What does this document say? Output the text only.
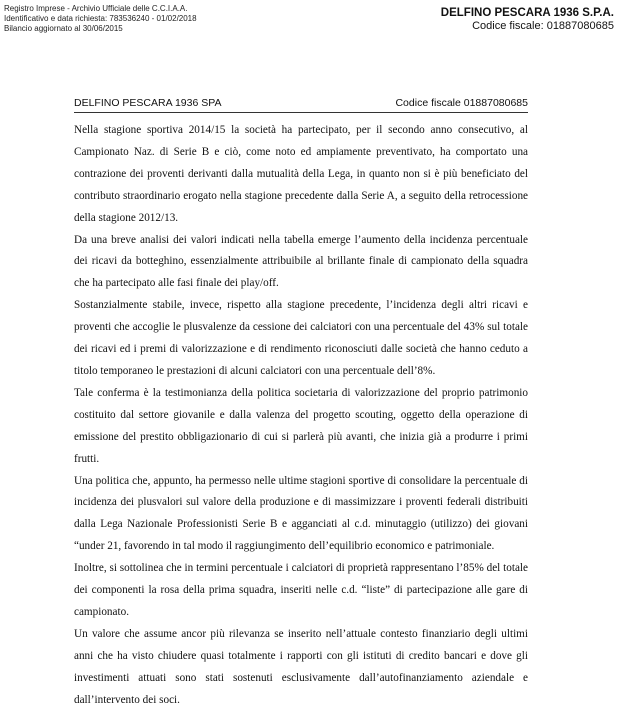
Registro Imprese - Archivio Ufficiale delle C.C.I.A.A.
Identificativo e data richiesta: 783536240 - 01/02/2018
Bilancio aggiornato al 30/06/2015
DELFINO PESCARA 1936 S.P.A.
Codice fiscale: 01887080685
DELFINO PESCARA 1936 SPA	Codice fiscale 01887080685

Nella stagione sportiva 2014/15 la società ha partecipato, per il secondo anno consecutivo, al Campionato Naz. di Serie B e ciò, come noto ed ampiamente preventivato, ha comportato una contrazione dei proventi derivanti dalla mutualità della Lega, in quanto non si è più beneficiato del contributo straordinario erogato nella stagione precedente dalla Serie A, a seguito della retrocessione della stagione 2012/13.

Da una breve analisi dei valori indicati nella tabella emerge l’aumento della incidenza percentuale dei ricavi da botteghino, essenzialmente attribuibile al brillante finale di campionato della squadra che ha partecipato alle fasi finale dei play/off.

Sostanzialmente stabile, invece, rispetto alla stagione precedente, l’incidenza degli altri ricavi e proventi che accoglie le plusvalenze da cessione dei calciatori con una percentuale del 43% sul totale dei ricavi ed i premi di valorizzazione e di rendimento riconosciuti dalle società che hanno ceduto a titolo temporaneo le prestazioni di alcuni calciatori con una percentuale dell’8%.

Tale conferma è la testimonianza della politica societaria di valorizzazione del proprio patrimonio costituito dal settore giovanile e dalla valenza del progetto scouting, oggetto della operazione di emissione del prestito obbligazionario di cui si parlerà più avanti, che inizia già a produrre i primi frutti.

Una politica che, appunto, ha permesso nelle ultime stagioni sportive di consolidare la percentuale di incidenza dei plusvalori sul valore della produzione e di massimizzare i proventi federali distribuiti dalla Lega Nazionale Professionisti Serie B e agganciati al c.d. minutaggio (utilizzo) dei giovani “under 21, favorendo in tal modo il raggiungimento dell’equilibrio economico e patrimoniale.

Inoltre, si sottolinea che in termini percentuale i calciatori di proprietà rappresentano l’85% del totale dei componenti la rosa della prima squadra, inseriti nelle c.d. “liste” di partecipazione alle gare di campionato.

Un valore che assume ancor più rilevanza se inserito nell’attuale contesto finanziario degli ultimi anni che ha visto chiudere quasi totalmente i rapporti con gli istituti di credito bancari e dove gli investimenti attuati sono stati sostenuti esclusivamente dall’autofinanziamento aziendale e dall’intervento dei soci.
